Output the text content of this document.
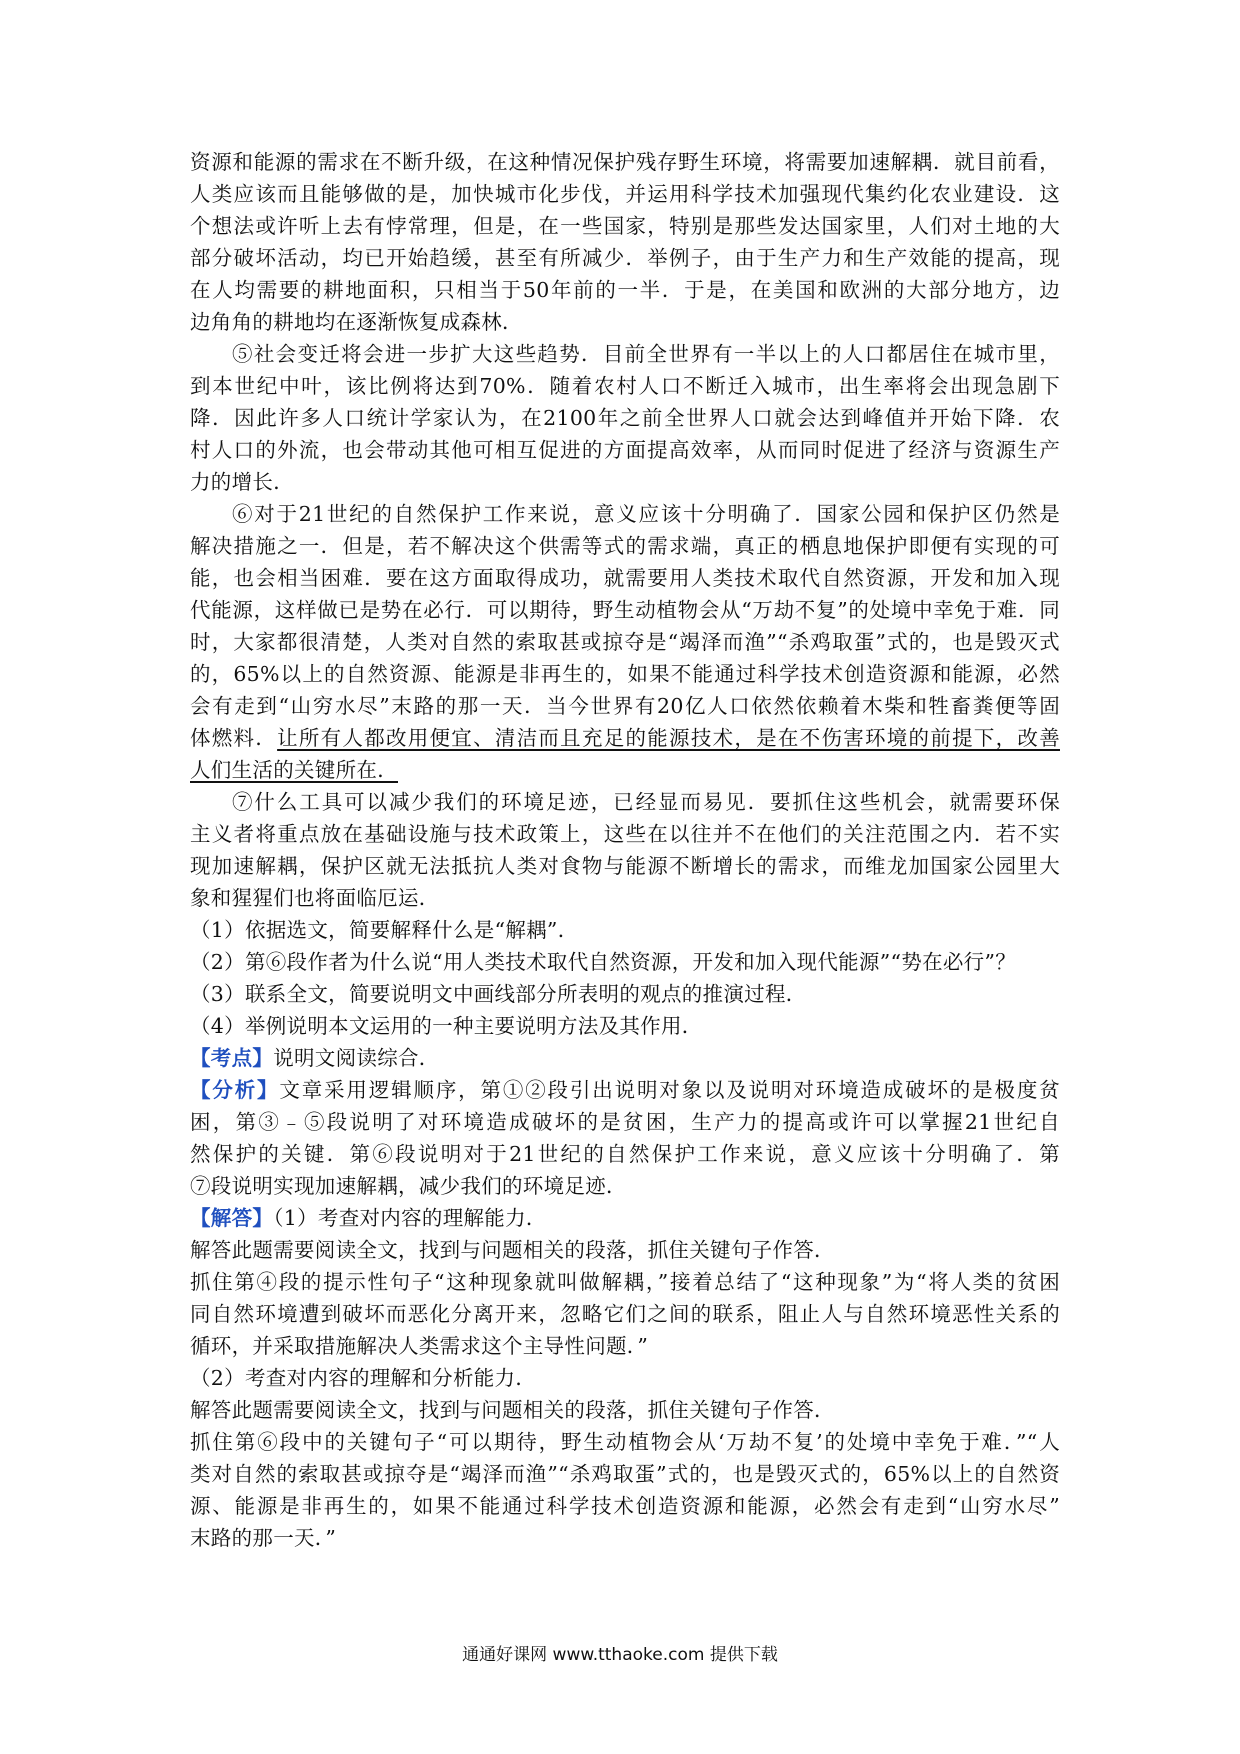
资源和能源的需求在不断升级，在这种情况保护残存野生环境，将需要加速解耦．就目前看，
人类应该而且能够做的是，加快城市化步伐，并运用科学技术加强现代集约化农业建设．这
个想法或许听上去有悖常理，但是，在一些国家，特别是那些发达国家里，人们对土地的大
部分破坏活动，均已开始趋缓，甚至有所减少．举例子，由于生产力和生产效能的提高，现
在人均需要的耕地面积，只相当于50年前的一半．于是，在美国和欧洲的大部分地方，边
边角角的耕地均在逐渐恢复成森林．
⑤社会变迁将会进一步扩大这些趋势．目前全世界有一半以上的人口都居住在城市里，
到本世纪中叶，该比例将达到70%．随着农村人口不断迁入城市，出生率将会出现急剧下
降．因此许多人口统计学家认为，在2100年之前全世界人口就会达到峰值并开始下降．农
村人口的外流，也会带动其他可相互促进的方面提高效率，从而同时促进了经济与资源生产
力的增长．
⑥对于21世纪的自然保护工作来说，意义应该十分明确了．国家公园和保护区仍然是
解决措施之一．但是，若不解决这个供需等式的需求端，真正的栖息地保护即便有实现的可
能，也会相当困难．要在这方面取得成功，就需要用人类技术取代自然资源，开发和加入现
代能源，这样做已是势在必行．可以期待，野生动植物会从“万劫不复”的处境中幸免于难．同
时，大家都很清楚，人类对自然的索取甚或掠夺是“竭泽而渔”“杀鸡取蛋”式的，也是毁灭式
的，65%以上的自然资源、能源是非再生的，如果不能通过科学技术创造资源和能源，必然
会有走到“山穷水尽”末路的那一天．当今世界有20亿人口依然依赖着木柴和牲畜粪便等固
体燃料．让所有人都改用便宜、清洁而且充足的能源技术，是在不伤害环境的前提下，改善
人们生活的关键所在．
⑦什么工具可以减少我们的环境足迹，已经显而易见．要抓住这些机会，就需要环保
主义者将重点放在基础设施与技术政策上，这些在以往并不在他们的关注范围之内．若不实
现加速解耦，保护区就无法抵抗人类对食物与能源不断增长的需求，而维龙加国家公园里大
象和猩猩们也将面临厄运．
（1）依据选文，简要解释什么是“解耦”．
（2）第⑥段作者为什么说“用人类技术取代自然资源，开发和加入现代能源”“势在必行”？
（3）联系全文，简要说明文中画线部分所表明的观点的推演过程．
（4）举例说明本文运用的一种主要说明方法及其作用．
【考点】说明文阅读综合．
【分析】文章采用逻辑顺序，第①②段引出说明对象以及说明对环境造成破坏的是极度贫
困，第③﹣⑤段说明了对环境造成破坏的是贫困，生产力的提高或许可以掌握21世纪自
然保护的关键．第⑥段说明对于21世纪的自然保护工作来说，意义应该十分明确了．第
⑦段说明实现加速解耦，减少我们的环境足迹．
【解答】（1）考查对内容的理解能力．
解答此题需要阅读全文，找到与问题相关的段落，抓住关键句子作答．
抓住第④段的提示性句子“这种现象就叫做解耦，”接着总结了“这种现象”为“将人类的贫困
同自然环境遭到破坏而恶化分离开来，忽略它们之间的联系，阻止人与自然环境恶性关系的
循环，并采取措施解决人类需求这个主导性问题．”
（2）考查对内容的理解和分析能力．
解答此题需要阅读全文，找到与问题相关的段落，抓住关键句子作答．
抓住第⑥段中的关键句子“可以期待，野生动植物会从‘万劫不复’的处境中幸免于难．”“人
类对自然的索取甚或掠夺是“竭泽而渔”“杀鸡取蛋”式的，也是毁灭式的，65%以上的自然资
源、能源是非再生的，如果不能通过科学技术创造资源和能源，必然会有走到“山穷水尽”
末路的那一天．”
通通好课网 www.tthaoke.com 提供下载
